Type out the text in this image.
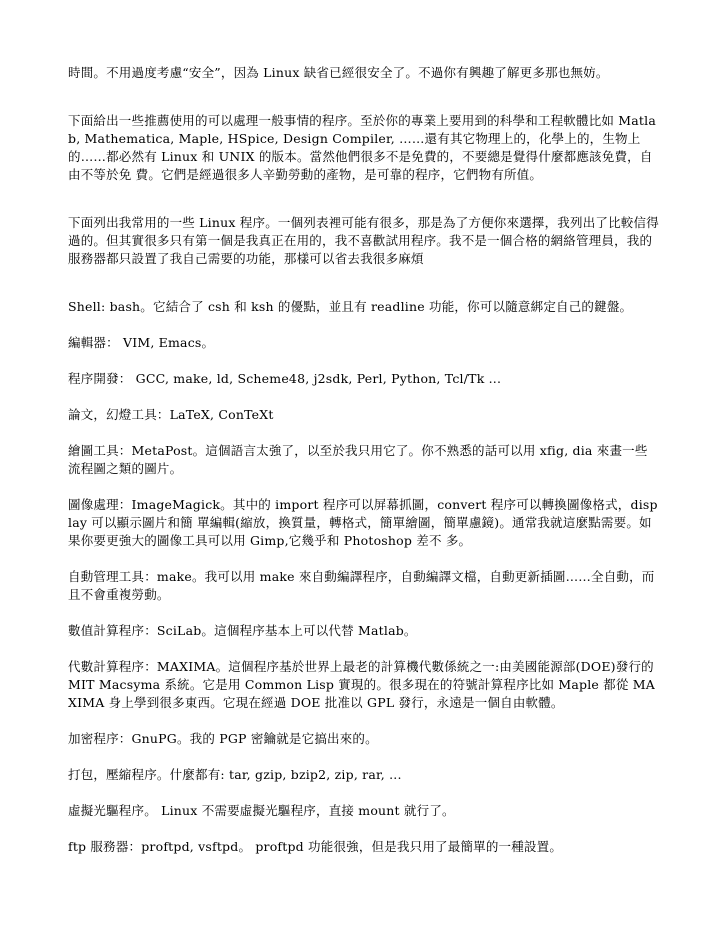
時間。不用過度考慮“安全”，因為 Linux 缺省已經很安全了。不過你有興趣了解更多那也無妨。

下面給出一些推薦使用的可以處理一般事情的程序。至於你的專業上要用到的科學和工程軟體比如 Matlab, Mathematica, Maple, HSpice, Design Compiler, ……還有其它物理上的，化學上的，生物上的……都必然有 Linux 和 UNIX 的版本。當然他們很多不是免費的，不要總是覺得什麼都應該免費，自由不等於免 費。它們是經過很多人辛勤勞動的產物，是可靠的程序，它們物有所值。

下面列出我常用的一些 Linux 程序。一個列表裡可能有很多，那是為了方便你來選擇，我列出了比較信得過的。但其實很多只有第一個是我真正在用的，我不喜歡試用程序。我不是一個合格的網絡管理員，我的服務器都只設置了我自己需要的功能，那樣可以省去我很多麻煩

Shell: bash。它結合了 csh 和 ksh 的優點，並且有 readline 功能，你可以隨意綁定自己的鍵盤。

編輯器： VIM, Emacs。

程序開發： GCC, make, ld, Scheme48, j2sdk, Perl, Python, Tcl/Tk ...

論文，幻燈工具：LaTeX, ConTeXt

繪圖工具：MetaPost。這個語言太強了，以至於我只用它了。你不熟悉的話可以用 xfig, dia 來畫一些流程圖之類的圖片。

圖像處理：ImageMagick。其中的 import 程序可以屏幕抓圖，convert 程序可以轉換圖像格式，display 可以顯示圖片和簡 單編輯(縮放，換質量，轉格式，簡單繪圖，簡單慮鏡)。通常我就這麼點需要。如果你要更強大的圖像工具可以用 Gimp,它幾乎和 Photoshop 差不 多。

自動管理工具：make。我可以用 make 來自動編譯程序，自動編譯文檔，自動更新插圖……全自動，而且不會重複勞動。

數值計算程序：SciLab。這個程序基本上可以代替 Matlab。

代數計算程序：MAXIMA。這個程序基於世界上最老的計算機代數係統之一:由美國能源部(DOE)發行的 MIT Macsyma 系統。它是用 Common Lisp 實現的。很多現在的符號計算程序比如 Maple 都從 MAXIMA 身上學到很多東西。它現在經過 DOE 批准以 GPL 發行，永遠是一個自由軟體。

加密程序：GnuPG。我的 PGP 密鑰就是它搞出來的。

打包，壓縮程序。什麼都有: tar, gzip, bzip2, zip, rar, ...

虛擬光驅程序。 Linux 不需要虛擬光驅程序，直接 mount 就行了。

ftp 服務器：proftpd, vsftpd。 proftpd 功能很強，但是我只用了最簡單的一種設置。
